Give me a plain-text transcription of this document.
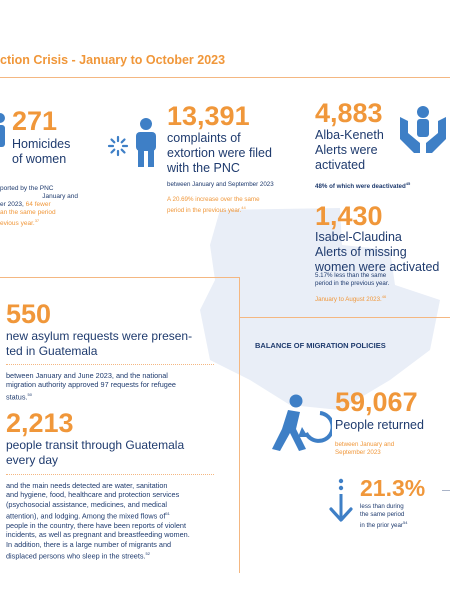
ction Crisis - January to October 2023
271
Homicides
of women
ported by the PNC
January and
er 2023, 64 fewer
an the same period
evious year.$^{37}$
13,391
complaints of
extortion were filed
with the PNC
between January and September 2023
A 20.69% increase over the same
period in the previous year.$^{44}$
4,883
Alba-Keneth
Alerts were
activated
48% of which were deactivated$^{45}$
1,430
Isabel-Claudina
Alerts of missing
women were activated
5.17% less than the same
period in the previous year.
January to August 2023.46
550
new asylum requests were presen-
ted in Guatemala
between January and June 2023, and the national
migration authority approved 97 requests for refugee
status.$^{50}$
2,213
people transit through Guatemala
every day
and the main needs detected are water, sanitation
and hygiene, food, healthcare and protection services
(psychosocial assistance, medicines, and medical
attention), and lodging. Among the mixed flows $of^{51}$
people in the country, there have been reports of violent
incidents, as well as pregnant and breastfeeding women.
In addition, there is a large number of migrants and
displaced persons who sleep in the streets.$^{52}$
BALANCE OF MIGRATION POLICIES
59,067
People returned
between January and
September 2023
21.3%
less than during
the same period
in the prior year$^{54}$
